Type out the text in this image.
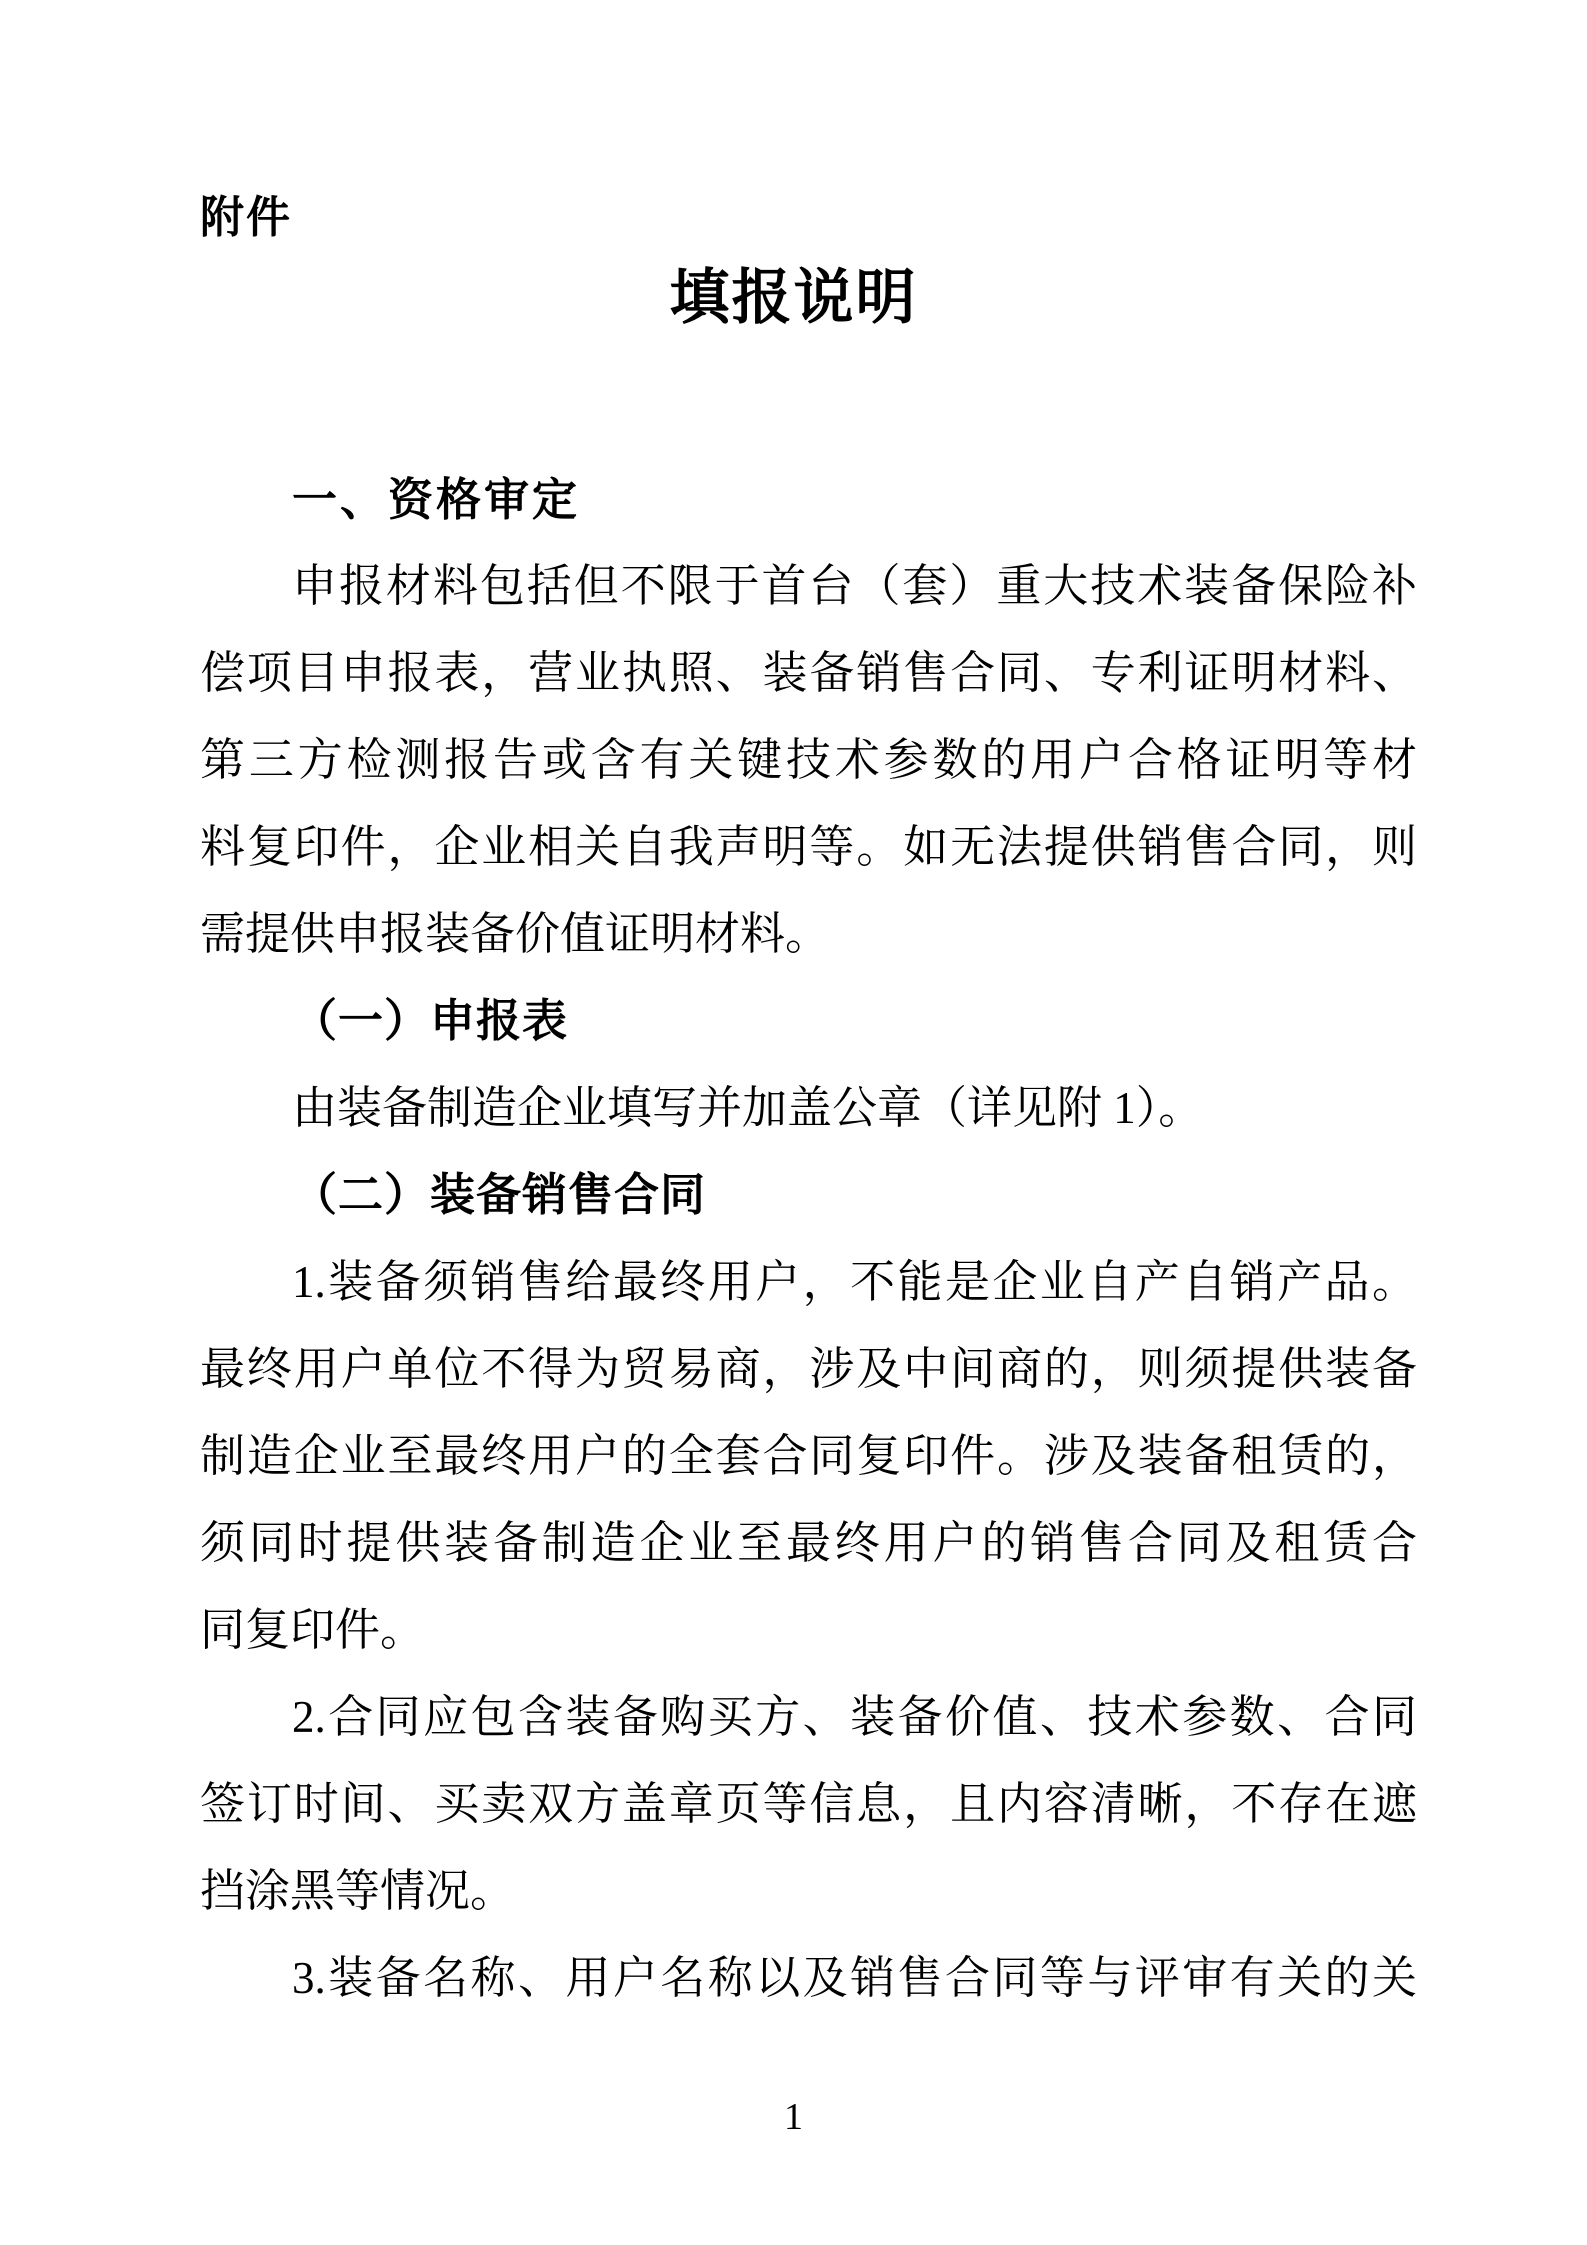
附件
填报说明
一、资格审定
申报材料包括但不限于首台（套）重大技术装备保险补
偿项目申报表，营业执照、装备销售合同、专利证明材料、
第三方检测报告或含有关键技术参数的用户合格证明等材
料复印件，企业相关自我声明等。如无法提供销售合同，则
需提供申报装备价值证明材料。
（一）申报表
由装备制造企业填写并加盖公章（详见附 1）。
（二）装备销售合同
1.装备须销售给最终用户，不能是企业自产自销产品。
最终用户单位不得为贸易商，涉及中间商的，则须提供装备
制造企业至最终用户的全套合同复印件。涉及装备租赁的，
须同时提供装备制造企业至最终用户的销售合同及租赁合
同复印件。
2.合同应包含装备购买方、装备价值、技术参数、合同
签订时间、买卖双方盖章页等信息，且内容清晰，不存在遮
挡涂黑等情况。
3.装备名称、用户名称以及销售合同等与评审有关的关
1
